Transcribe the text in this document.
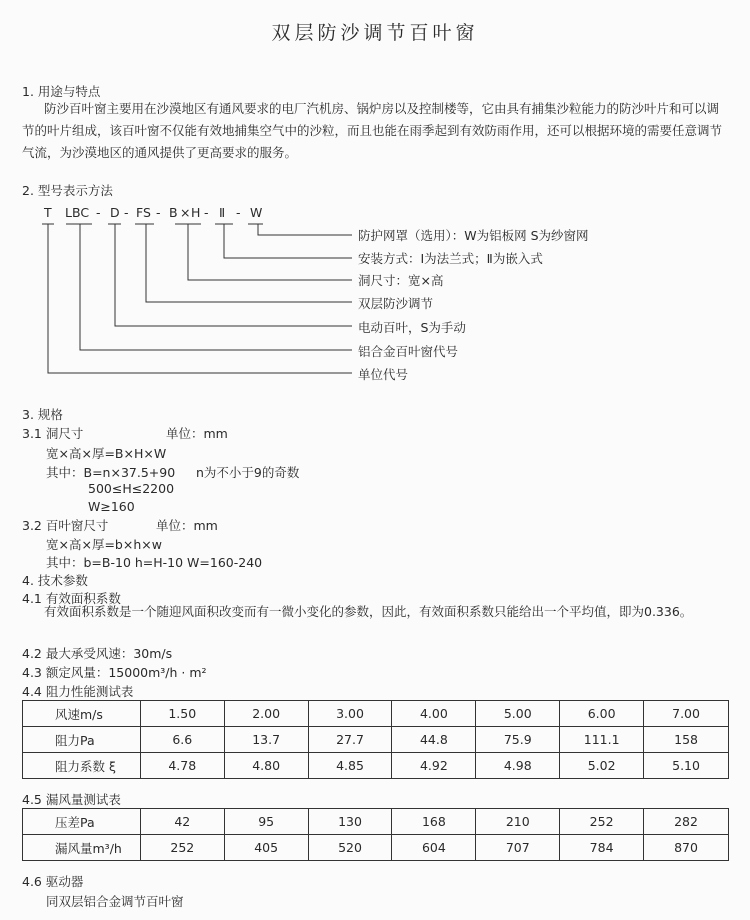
双层防沙调节百叶窗
1. 用途与特点
防沙百叶窗主要用在沙漠地区有通风要求的电厂汽机房、锅炉房以及控制楼等，它由具有捕集沙粒能力的防沙叶片和可以调节的叶片组成，该百叶窗不仅能有效地捕集空气中的沙粒，而且也能在雨季起到有效防雨作用，还可以根据环境的需要任意调节气流，为沙漠地区的通风提供了更高要求的服务。
2. 型号表示方法
T LBC - D - FS - B × H - Ⅱ - W
防护网罩（选用）：W为铝板网 S为纱窗网
安装方式：Ⅰ为法兰式；Ⅱ为嵌入式
洞尺寸：宽×高
双层防沙调节
电动百叶，S为手动
铝合金百叶窗代号
单位代号
3. 规格
3.1 洞尺寸	单位：mm
宽×高×厚=B×H×W
其中：B=n×37.5+90 n为不小于9的奇数
500≤H≤2200
W≥160
3.2 百叶窗尺寸	单位：mm
宽×高×厚=b×h×w
其中：b=B-10 h=H-10 W=160-240
4. 技术参数
4.1 有效面积系数
有效面积系数是一个随迎风面积改变而有一微小变化的参数，因此，有效面积系数只能给出一个平均值，即为0.336。
4.2 最大承受风速：30m/s
4.3 额定风量：15000m³/h · m²
4.4 阻力性能测试表
风速m/s	1.50	2.00	3.00	4.00	5.00	6.00	7.00
阻力Pa	6.6	13.7	27.7	44.8	75.9	111.1	158
阻力系数 ξ	4.78	4.80	4.85	4.92	4.98	5.02	5.10
4.5 漏风量测试表
压差Pa	42	95	130	168	210	252	282
漏风量m³/h	252	405	520	604	707	784	870
4.6 驱动器
同双层铝合金调节百叶窗
